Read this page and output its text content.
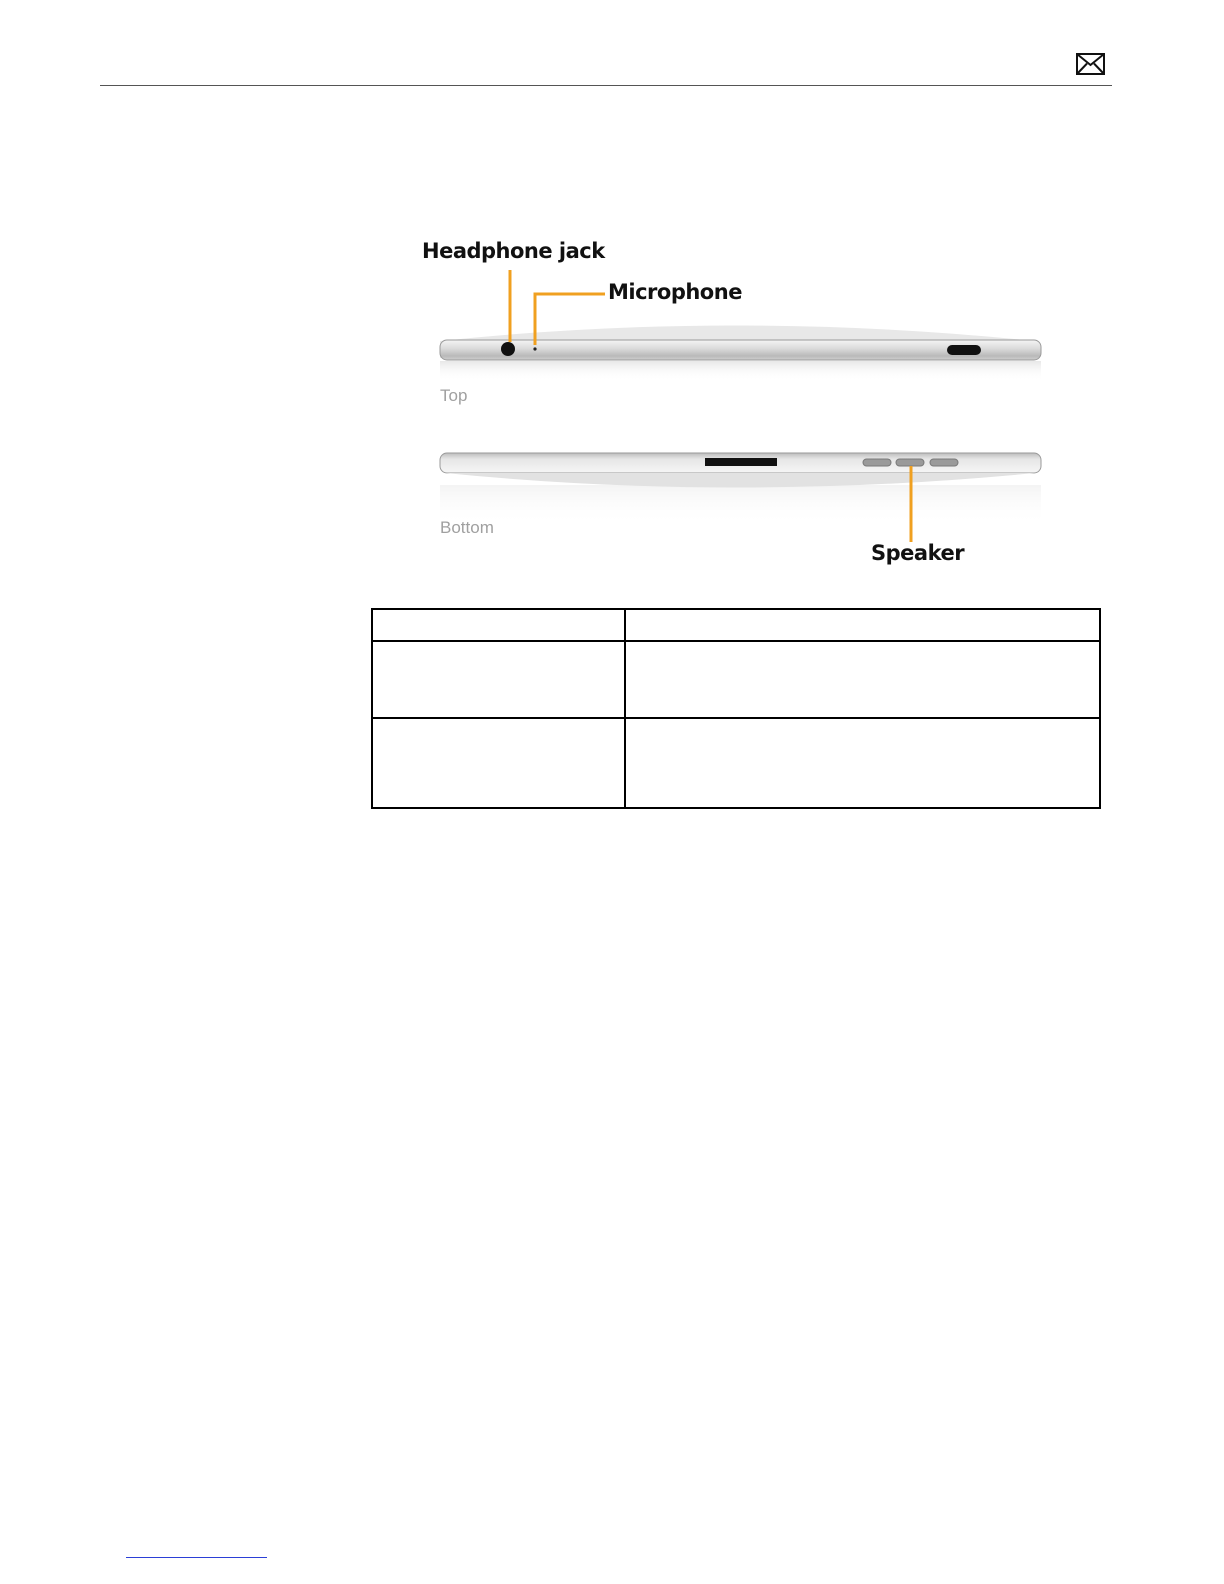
Headphone jack
Microphone
Speaker
Top
Bottom
